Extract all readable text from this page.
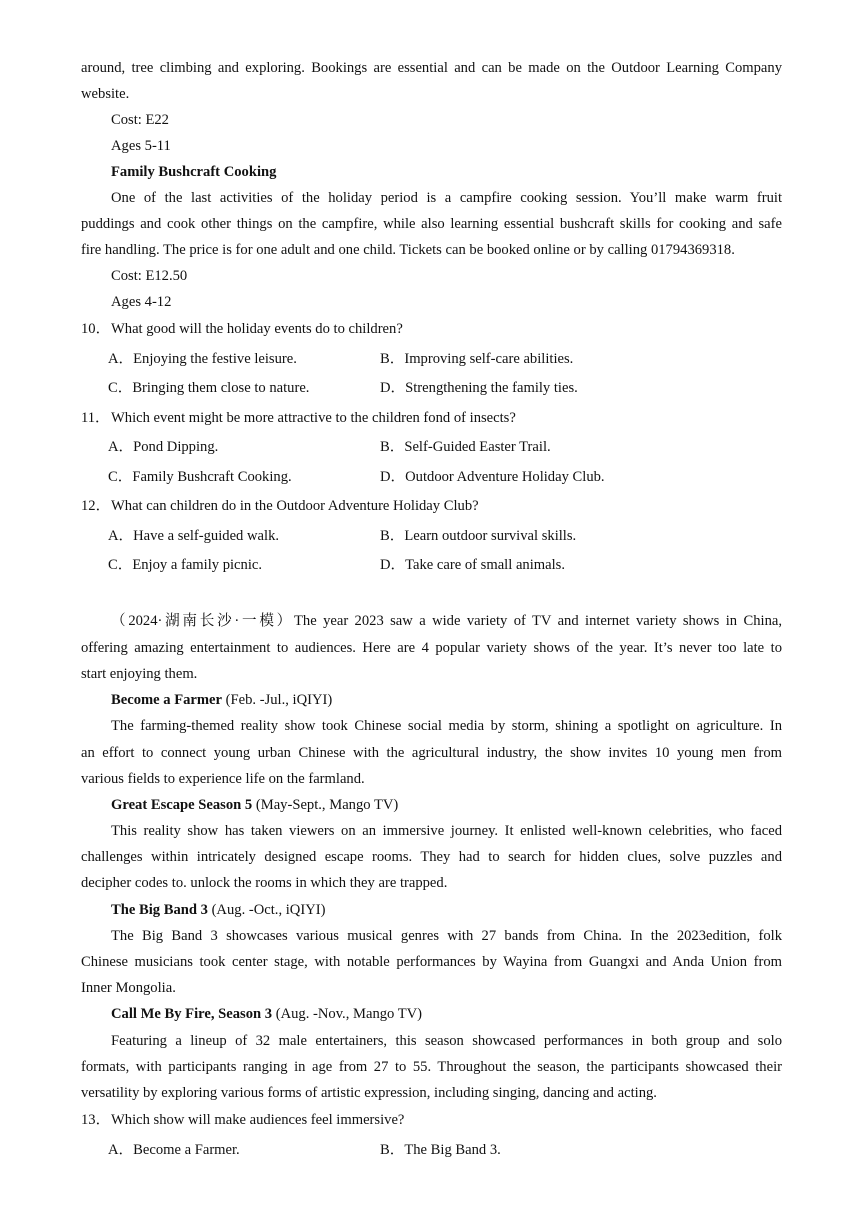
around, tree climbing and exploring. Bookings are essential and can be made on the Outdoor Learning Company
website.
Cost: E22
Ages 5-11
Family Bushcraft Cooking
One of the last activities of the holiday period is a campfire cooking session. You’ll make warm fruit
puddings and cook other things on the campfire, while also learning essential bushcraft skills for cooking and safe
fire handling. The price is for one adult and one child. Tickets can be booked online or by calling 01794369318.
Cost: E12.50
Ages 4-12
10． What good will the holiday events do to children?
A．Enjoying the festive leisure.	B．Improving self-care abilities.
C．Bringing them close to nature.	D．Strengthening the family ties.
11． Which event might be more attractive to the children fond of insects?
A．Pond Dipping.	B．Self-Guided Easter Trail.
C．Family Bushcraft Cooking.	D．Outdoor Adventure Holiday Club.
12． What can children do in the Outdoor Adventure Holiday Club?
A．Have a self-guided walk.	B．Learn outdoor survival skills.
C．Enjoy a family picnic.	D．Take care of small animals.
（2024·湖南长沙·一模）The year 2023 saw a wide variety of TV and internet variety shows in China,
offering amazing entertainment to audiences. Here are 4 popular variety shows of the year. It’s never too late to
start enjoying them.
Become a Farmer (Feb. -Jul., iQIYI)
The farming-themed reality show took Chinese social media by storm, shining a spotlight on agriculture. In
an effort to connect young urban Chinese with the agricultural industry, the show invites 10 young men from
various fields to experience life on the farmland.
Great Escape Season 5 (May-Sept., Mango TV)
This reality show has taken viewers on an immersive journey. It enlisted well-known celebrities, who faced
challenges within intricately designed escape rooms. They had to search for hidden clues, solve puzzles and
decipher codes to. unlock the rooms in which they are trapped.
The Big Band 3 (Aug. -Oct., iQIYI)
The Big Band 3 showcases various musical genres with 27 bands from China. In the 2023edition, folk
Chinese musicians took center stage, with notable performances by Wayina from Guangxi and Anda Union from
Inner Mongolia.
Call Me By Fire, Season 3 (Aug. -Nov., Mango TV)
Featuring a lineup of 32 male entertainers, this season showcased performances in both group and solo
formats, with participants ranging in age from 27 to 55. Throughout the season, the participants showcased their
versatility by exploring various forms of artistic expression, including singing, dancing and acting.
13． Which show will make audiences feel immersive?
A．Become a Farmer.	B．The Big Band 3.
